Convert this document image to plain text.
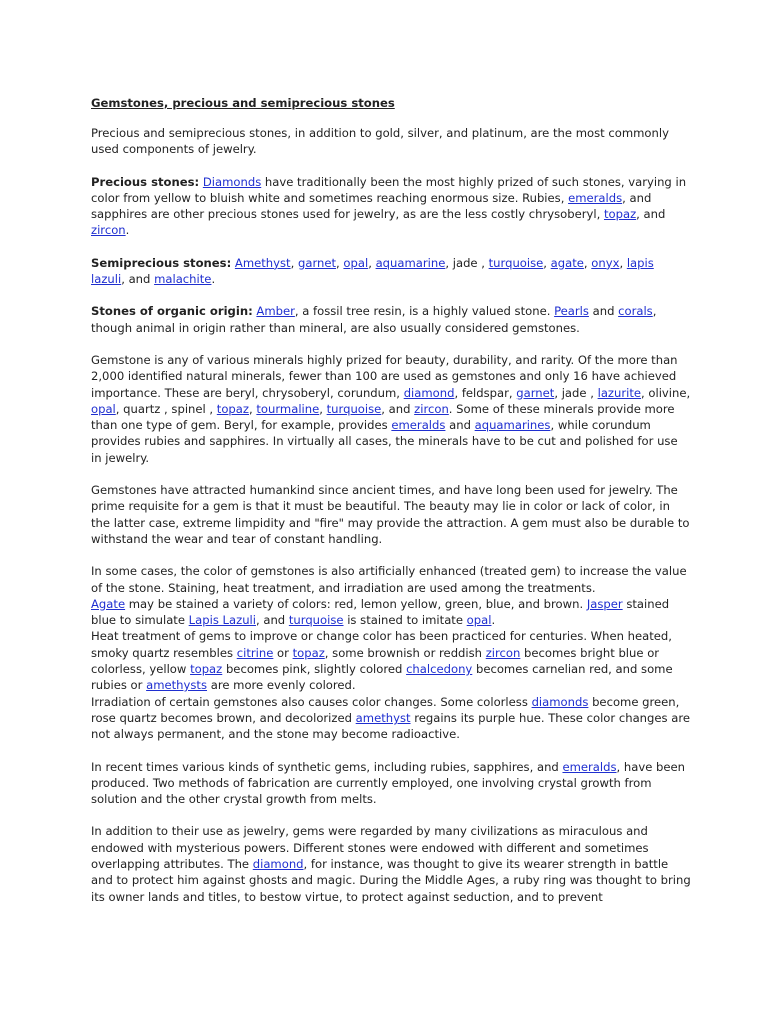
Gemstones, precious and semiprecious stones

Precious and semiprecious stones, in addition to gold, silver, and platinum, are the most commonly used components of jewelry.

Precious stones: Diamonds have traditionally been the most highly prized of such stones, varying in color from yellow to bluish white and sometimes reaching enormous size. Rubies, emeralds, and sapphires are other precious stones used for jewelry, as are the less costly chrysoberyl, topaz, and zircon.

Semiprecious stones: Amethyst, garnet, opal, aquamarine, jade , turquoise, agate, onyx, lapis lazuli, and malachite.

Stones of organic origin: Amber, a fossil tree resin, is a highly valued stone. Pearls and corals, though animal in origin rather than mineral, are also usually considered gemstones.

Gemstone is any of various minerals highly prized for beauty, durability, and rarity. Of the more than 2,000 identified natural minerals, fewer than 100 are used as gemstones and only 16 have achieved importance. These are beryl, chrysoberyl, corundum, diamond, feldspar, garnet, jade , lazurite, olivine, opal, quartz , spinel , topaz, tourmaline, turquoise, and zircon. Some of these minerals provide more than one type of gem. Beryl, for example, provides emeralds and aquamarines, while corundum provides rubies and sapphires. In virtually all cases, the minerals have to be cut and polished for use in jewelry.

Gemstones have attracted humankind since ancient times, and have long been used for jewelry. The prime requisite for a gem is that it must be beautiful. The beauty may lie in color or lack of color, in the latter case, extreme limpidity and "fire" may provide the attraction. A gem must also be durable to withstand the wear and tear of constant handling.

In some cases, the color of gemstones is also artificially enhanced (treated gem) to increase the value of the stone. Staining, heat treatment, and irradiation are used among the treatments.

Agate may be stained a variety of colors: red, lemon yellow, green, blue, and brown. Jasper stained blue to simulate Lapis Lazuli, and turquoise is stained to imitate opal.

Heat treatment of gems to improve or change color has been practiced for centuries. When heated, smoky quartz resembles citrine or topaz, some brownish or reddish zircon becomes bright blue or colorless, yellow topaz becomes pink, slightly colored chalcedony becomes carnelian red, and some rubies or amethysts are more evenly colored.

Irradiation of certain gemstones also causes color changes. Some colorless diamonds become green, rose quartz becomes brown, and decolorized amethyst regains its purple hue. These color changes are not always permanent, and the stone may become radioactive.

In recent times various kinds of synthetic gems, including rubies, sapphires, and emeralds, have been produced. Two methods of fabrication are currently employed, one involving crystal growth from solution and the other crystal growth from melts.

In addition to their use as jewelry, gems were regarded by many civilizations as miraculous and endowed with mysterious powers. Different stones were endowed with different and sometimes overlapping attributes. The diamond, for instance, was thought to give its wearer strength in battle and to protect him against ghosts and magic. During the Middle Ages, a ruby ring was thought to bring its owner lands and titles, to bestow virtue, to protect against seduction, and to prevent
